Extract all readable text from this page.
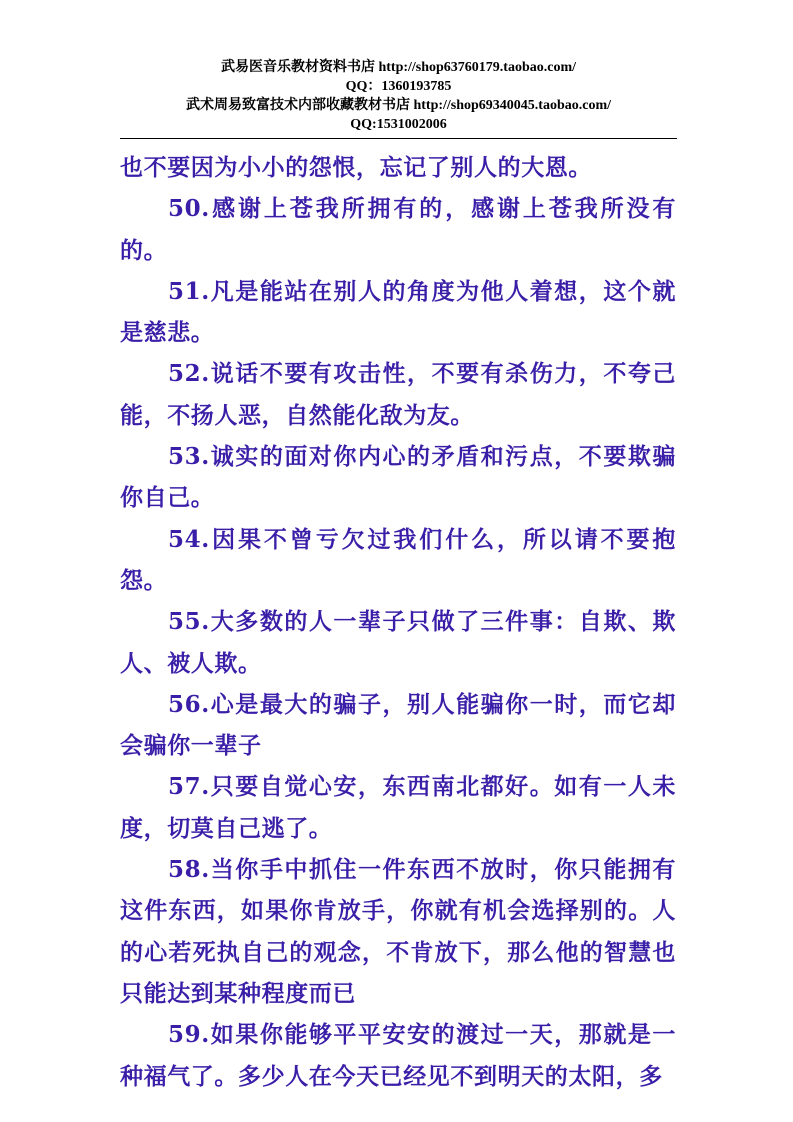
武易医音乐教材资料书店 http://shop63760179.taobao.com/
QQ：1360193785
武术周易致富技术内部收藏教材书店 http://shop69340045.taobao.com/
QQ:1531002006

也不要因为小小的怨恨，忘记了别人的大恩。

50.感谢上苍我所拥有的，感谢上苍我所没有的。

51.凡是能站在别人的角度为他人着想，这个就是慈悲。

52.说话不要有攻击性，不要有杀伤力，不夸己能，不扬人恶，自然能化敌为友。

53.诚实的面对你内心的矛盾和污点，不要欺骗你自己。

54.因果不曾亏欠过我们什么，所以请不要抱怨。

55.大多数的人一辈子只做了三件事：自欺、欺人、被人欺。

56.心是最大的骗子，别人能骗你一时，而它却会骗你一辈子

57.只要自觉心安，东西南北都好。如有一人未度，切莫自己逃了。

58.当你手中抓住一件东西不放时，你只能拥有这件东西，如果你肯放手，你就有机会选择别的。人的心若死执自己的观念，不肯放下，那么他的智慧也只能达到某种程度而已

59.如果你能够平平安安的渡过一天，那就是一种福气了。多少人在今天已经见不到明天的太阳，多
